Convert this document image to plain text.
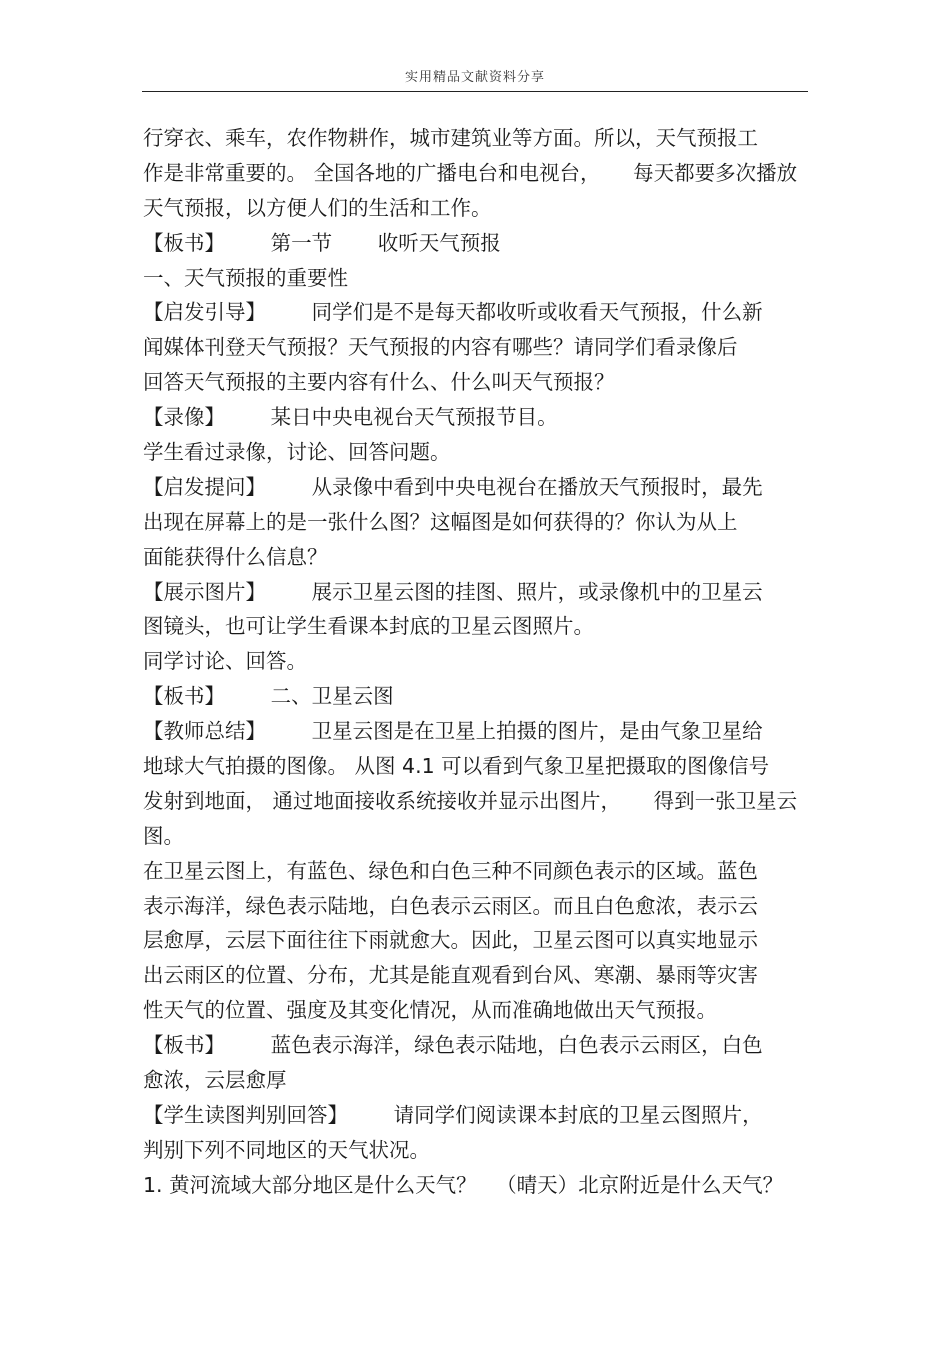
实用精品文献资料分享
行穿衣、乘车，农作物耕作，城市建筑业等方面。所以，天气预报工
作是非常重要的。 全国各地的广播电台和电视台，     每天都要多次播放
天气预报，以方便人们的生活和工作。
【板书】       第一节       收听天气预报
一、天气预报的重要性
【启发引导】       同学们是不是每天都收听或收看天气预报，什么新
闻媒体刊登天气预报？天气预报的内容有哪些？请同学们看录像后
回答天气预报的主要内容有什么、什么叫天气预报？
【录像】       某日中央电视台天气预报节目。
学生看过录像，讨论、回答问题。
【启发提问】       从录像中看到中央电视台在播放天气预报时，最先
出现在屏幕上的是一张什么图？这幅图是如何获得的？你认为从上
面能获得什么信息？
【展示图片】       展示卫星云图的挂图、照片，或录像机中的卫星云
图镜头，也可让学生看课本封底的卫星云图照片。
同学讨论、回答。
【板书】       二、卫星云图
【教师总结】       卫星云图是在卫星上拍摄的图片，是由气象卫星给
地球大气拍摄的图像。 从图 4.1 可以看到气象卫星把摄取的图像信号
发射到地面， 通过地面接收系统接收并显示出图片，     得到一张卫星云
图。
在卫星云图上，有蓝色、绿色和白色三种不同颜色表示的区域。蓝色
表示海洋，绿色表示陆地，白色表示云雨区。而且白色愈浓，表示云
层愈厚，云层下面往往下雨就愈大。因此，卫星云图可以真实地显示
出云雨区的位置、分布，尤其是能直观看到台风、寒潮、暴雨等灾害
性天气的位置、强度及其变化情况，从而准确地做出天气预报。
【板书】       蓝色表示海洋，绿色表示陆地，白色表示云雨区，白色
愈浓，云层愈厚
【学生读图判别回答】       请同学们阅读课本封底的卫星云图照片，
判别下列不同地区的天气状况。
1. 黄河流域大部分地区是什么天气？   （晴天）北京附近是什么天气？
